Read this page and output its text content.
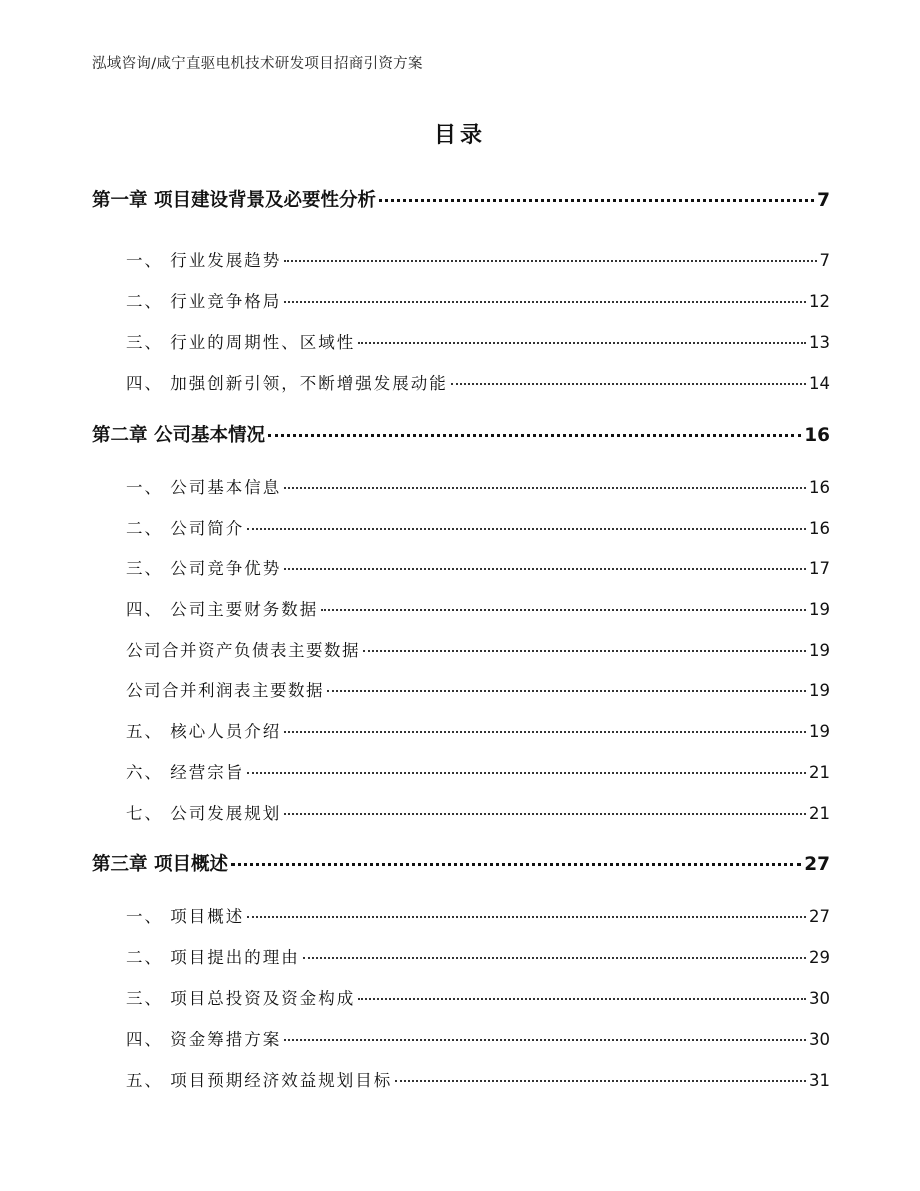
泓域咨询/咸宁直驱电机技术研发项目招商引资方案
目录
第一章 项目建设背景及必要性分析	7
一、 行业发展趋势	7
二、 行业竞争格局	12
三、 行业的周期性、区域性	13
四、 加强创新引领，不断增强发展动能	14
第二章 公司基本情况	16
一、 公司基本信息	16
二、 公司简介	16
三、 公司竞争优势	17
四、 公司主要财务数据	19
公司合并资产负债表主要数据	19
公司合并利润表主要数据	19
五、 核心人员介绍	19
六、 经营宗旨	21
七、 公司发展规划	21
第三章 项目概述	27
一、 项目概述	27
二、 项目提出的理由	29
三、 项目总投资及资金构成	30
四、 资金筹措方案	30
五、 项目预期经济效益规划目标	31
